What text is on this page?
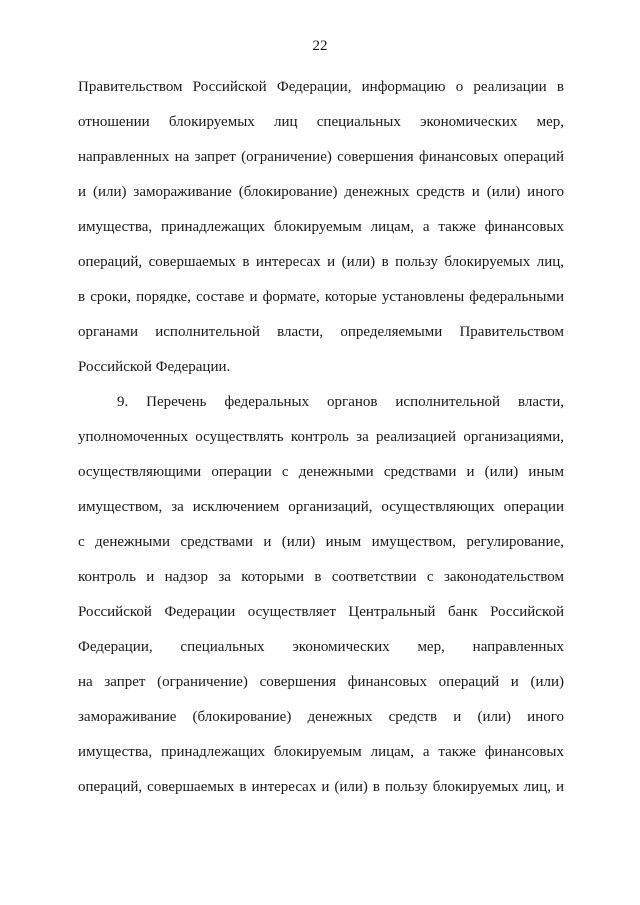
22
Правительством Российской Федерации, информацию о реализации в
отношении блокируемых лиц специальных экономических мер,
направленных на запрет (ограничение) совершения финансовых операций
и (или) замораживание (блокирование) денежных средств и (или) иного
имущества, принадлежащих блокируемым лицам, а также финансовых
операций, совершаемых в интересах и (или) в пользу блокируемых лиц,
в сроки, порядке, составе и формате, которые установлены федеральными
органами исполнительной власти, определяемыми Правительством
Российской Федерации.
9. Перечень федеральных органов исполнительной власти,
уполномоченных осуществлять контроль за реализацией организациями,
осуществляющими операции с денежными средствами и (или) иным
имуществом, за исключением организаций, осуществляющих операции
с денежными средствами и (или) иным имуществом, регулирование,
контроль и надзор за которыми в соответствии с законодательством
Российской Федерации осуществляет Центральный банк Российской
Федерации, специальных экономических мер, направленных
на запрет (ограничение) совершения финансовых операций и (или)
замораживание (блокирование) денежных средств и (или) иного
имущества, принадлежащих блокируемым лицам, а также финансовых
операций, совершаемых в интересах и (или) в пользу блокируемых лиц, и
